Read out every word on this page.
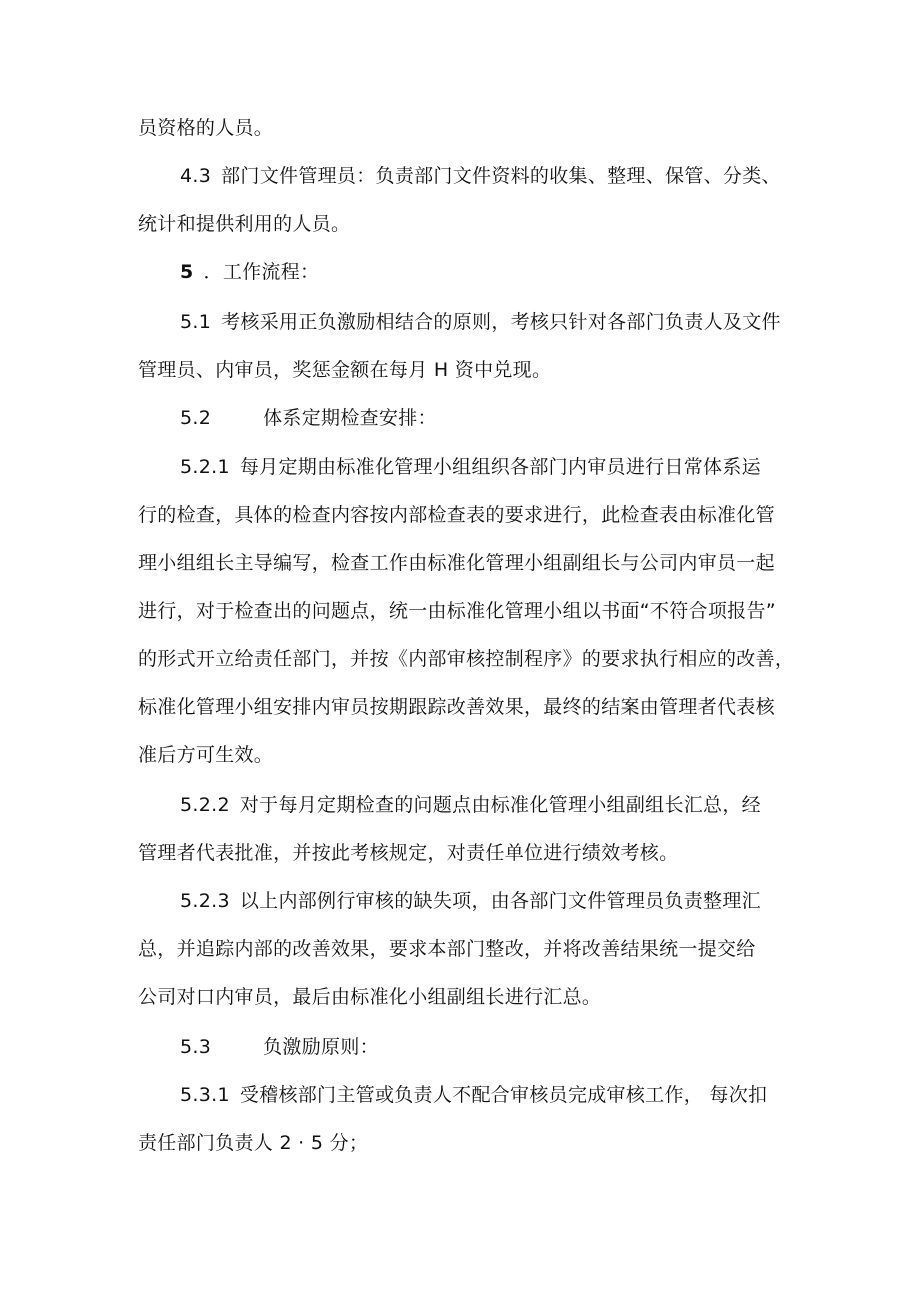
员资格的人员。
4.3 部门文件管理员：负责部门文件资料的收集、整理、保管、分类、
统计和提供利用的人员。
5 ．工作流程：
5.1 考核采用正负激励相结合的原则，考核只针对各部门负责人及文件
管理员、内审员，奖惩金额在每月 H 资中兑现。
5.2	体系定期检查安排：
5.2.1 每月定期由标准化管理小组组织各部门内审员进行日常体系运
行的检查，具体的检查内容按内部检查表的要求进行，此检查表由标准化管
理小组组长主导编写，检查工作由标准化管理小组副组长与公司内审员一起
进行，对于检查出的问题点，统一由标准化管理小组以书面“不符合项报告”
的形式开立给责任部门，并按《内部审核控制程序》的要求执行相应的改善，
标准化管理小组安排内审员按期跟踪改善效果，最终的结案由管理者代表核
准后方可生效。
5.2.2 对于每月定期检查的问题点由标准化管理小组副组长汇总，经
管理者代表批准，并按此考核规定，对责任单位进行绩效考核。
5.2.3 以上内部例行审核的缺失项，由各部门文件管理员负责整理汇
总，并追踪内部的改善效果，要求本部门整改，并将改善结果统一提交给
公司对口内审员，最后由标准化小组副组长进行汇总。
5.3	负激励原则：
5.3.1 受稽核部门主管或负责人不配合审核员完成审核工作， 每次扣
责任部门负责人 2 · 5 分；
